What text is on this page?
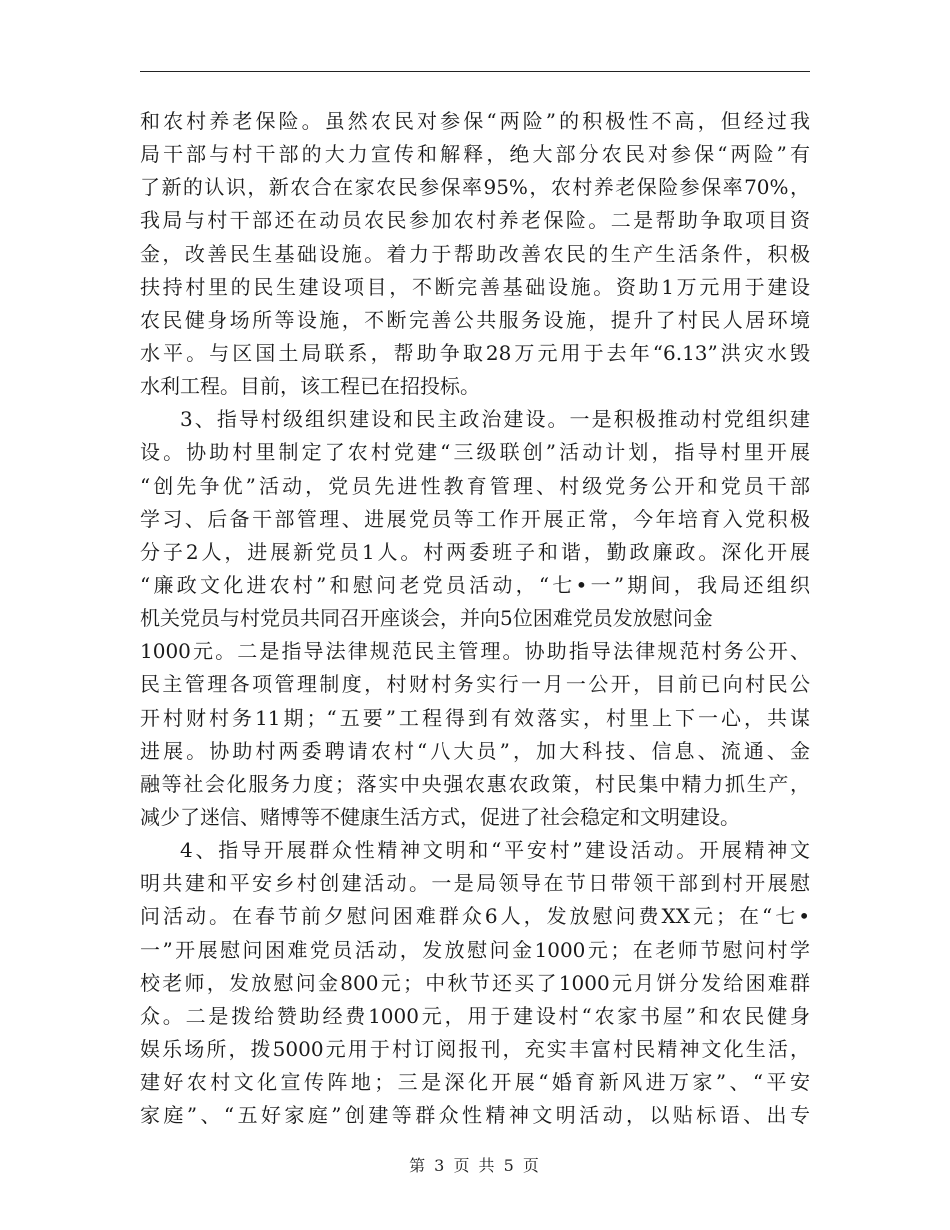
和农村养老保险。虽然农民对参保“两险”的积极性不高，但经过我
局干部与村干部的大力宣传和解释，绝大部分农民对参保“两险”有
了新的认识，新农合在家农民参保率95%，农村养老保险参保率70%，
我局与村干部还在动员农民参加农村养老保险。二是帮助争取项目资
金，改善民生基础设施。着力于帮助改善农民的生产生活条件，积极
扶持村里的民生建设项目，不断完善基础设施。资助1万元用于建设
农民健身场所等设施，不断完善公共服务设施，提升了村民人居环境
水平。与区国土局联系，帮助争取28万元用于去年“6.13”洪灾水毁
水利工程。目前，该工程已在招投标。
3、指导村级组织建设和民主政治建设。一是积极推动村党组织建
设。协助村里制定了农村党建“三级联创”活动计划，指导村里开展
“创先争优”活动，党员先进性教育管理、村级党务公开和党员干部
学习、后备干部管理、进展党员等工作开展正常，今年培育入党积极
分子2人，进展新党员1人。村两委班子和谐，勤政廉政。深化开展
“廉政文化进农村”和慰问老党员活动，“七•一”期间，我局还组织
机关党员与村党员共同召开座谈会，并向5位困难党员发放慰问金
1000元。二是指导法律规范民主管理。协助指导法律规范村务公开、
民主管理各项管理制度，村财村务实行一月一公开，目前已向村民公
开村财村务11期；“五要”工程得到有效落实，村里上下一心，共谋
进展。协助村两委聘请农村“八大员”，加大科技、信息、流通、金
融等社会化服务力度；落实中央强农惠农政策，村民集中精力抓生产，
减少了迷信、赌博等不健康生活方式，促进了社会稳定和文明建设。
4、指导开展群众性精神文明和“平安村”建设活动。开展精神文
明共建和平安乡村创建活动。一是局领导在节日带领干部到村开展慰
问活动。在春节前夕慰问困难群众6人，发放慰问费XX元；在“七•
一”开展慰问困难党员活动，发放慰问金1000元；在老师节慰问村学
校老师，发放慰问金800元；中秋节还买了1000元月饼分发给困难群
众。二是拨给赞助经费1000元，用于建设村“农家书屋”和农民健身
娱乐场所，拨5000元用于村订阅报刊，充实丰富村民精神文化生活，
建好农村文化宣传阵地；三是深化开展“婚育新风进万家”、“平安
家庭”、“五好家庭”创建等群众性精神文明活动，以贴标语、出专
第 3 页 共 5 页
